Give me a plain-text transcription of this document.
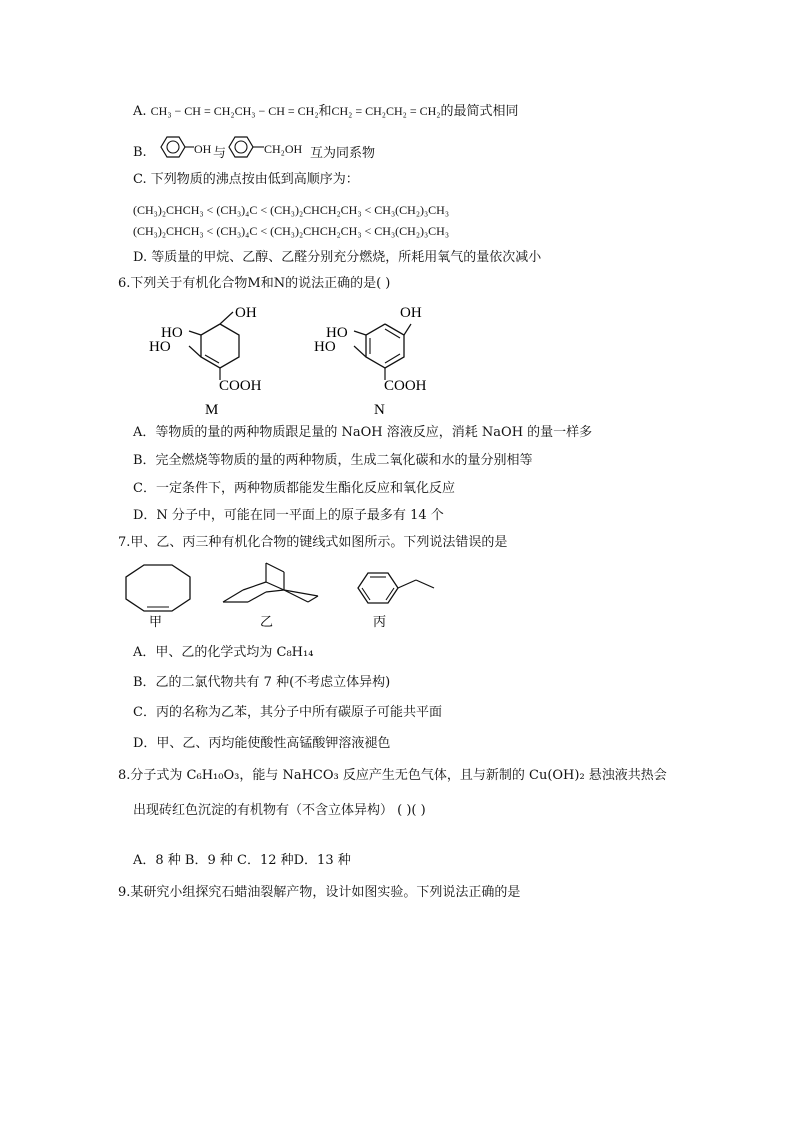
A. CH₃ − CH = CH₂CH₃ − CH = CH₂和CH₂ = CH₂CH₂ = CH₂的最简式相同
B.	OH 与	CH₂OH 互为同系物
C. 下列物质的沸点按由低到高顺序为：
(CH₃)₂CHCH₃ < (CH₃)₄C < (CH₃)₂CHCH₂CH₃ < CH₃(CH₂)₃CH₃
(CH₃)₂CHCH₃ < (CH₃)₄C < (CH₃)₂CHCH₂CH₃ < CH₃(CH₂)₃CH₃
D. 等质量的甲烷、乙醇、乙醛分别充分燃烧，所耗用氧气的量依次减小
6.下列关于有机化合物M和N的说法正确的是( )
OH
HO
HO
COOH
M
OH
HO
HO
COOH
N
A．等物质的量的两种物质跟足量的 NaOH 溶液反应，消耗 NaOH 的量一样多
B．完全燃烧等物质的量的两种物质，生成二氧化碳和水的量分别相等
C．一定条件下，两种物质都能发生酯化反应和氧化反应
D．N 分子中，可能在同一平面上的原子最多有 14 个
7.甲、乙、丙三种有机化合物的键线式如图所示。下列说法错误的是
甲	乙	丙
A．甲、乙的化学式均为 C₈H₁₄
B．乙的二氯代物共有 7 种(不考虑立体异构)
C．丙的名称为乙苯，其分子中所有碳原子可能共平面
D．甲、乙、丙均能使酸性高锰酸钾溶液褪色
8.分子式为 C₆H₁₀O₃，能与 NaHCO₃ 反应产生无色气体，且与新制的 Cu(OH)₂ 悬浊液共热会
出现砖红色沉淀的有机物有（不含立体异构） ( )( )
A．8 种 B．9 种 C．12 种D．13 种
9.某研究小组探究石蜡油裂解产物，设计如图实验。下列说法正确的是
